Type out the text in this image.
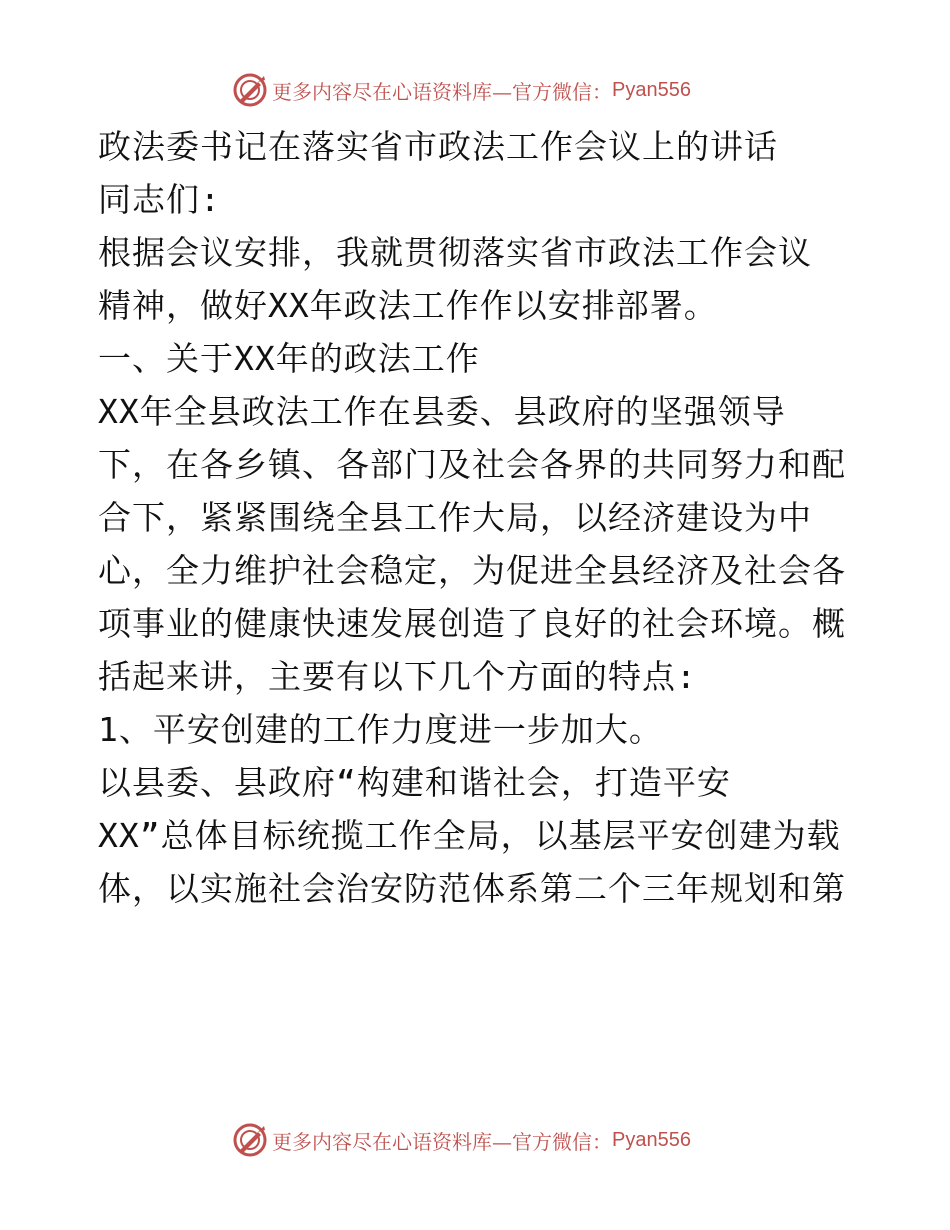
更多内容尽在心语资料库—官方微信： Pyan556
政法委书记在落实省市政法工作会议上的讲话
同志们:
根据会议安排，我就贯彻落实省市政法工作会议
精神，做好XX年政法工作作以安排部署。
一、关于XX年的政法工作
XX年全县政法工作在县委、县政府的坚强领导
下，在各乡镇、各部门及社会各界的共同努力和配
合下，紧紧围绕全县工作大局，以经济建设为中
心，全力维护社会稳定，为促进全县经济及社会各
项事业的健康快速发展创造了良好的社会环境。概
括起来讲，主要有以下几个方面的特点:
1、平安创建的工作力度进一步加大。
以县委、县政府“构建和谐社会，打造平安
XX”总体目标统揽工作全局，以基层平安创建为载
体，以实施社会治安防范体系第二个三年规划和第
更多内容尽在心语资料库—官方微信： Pyan556
